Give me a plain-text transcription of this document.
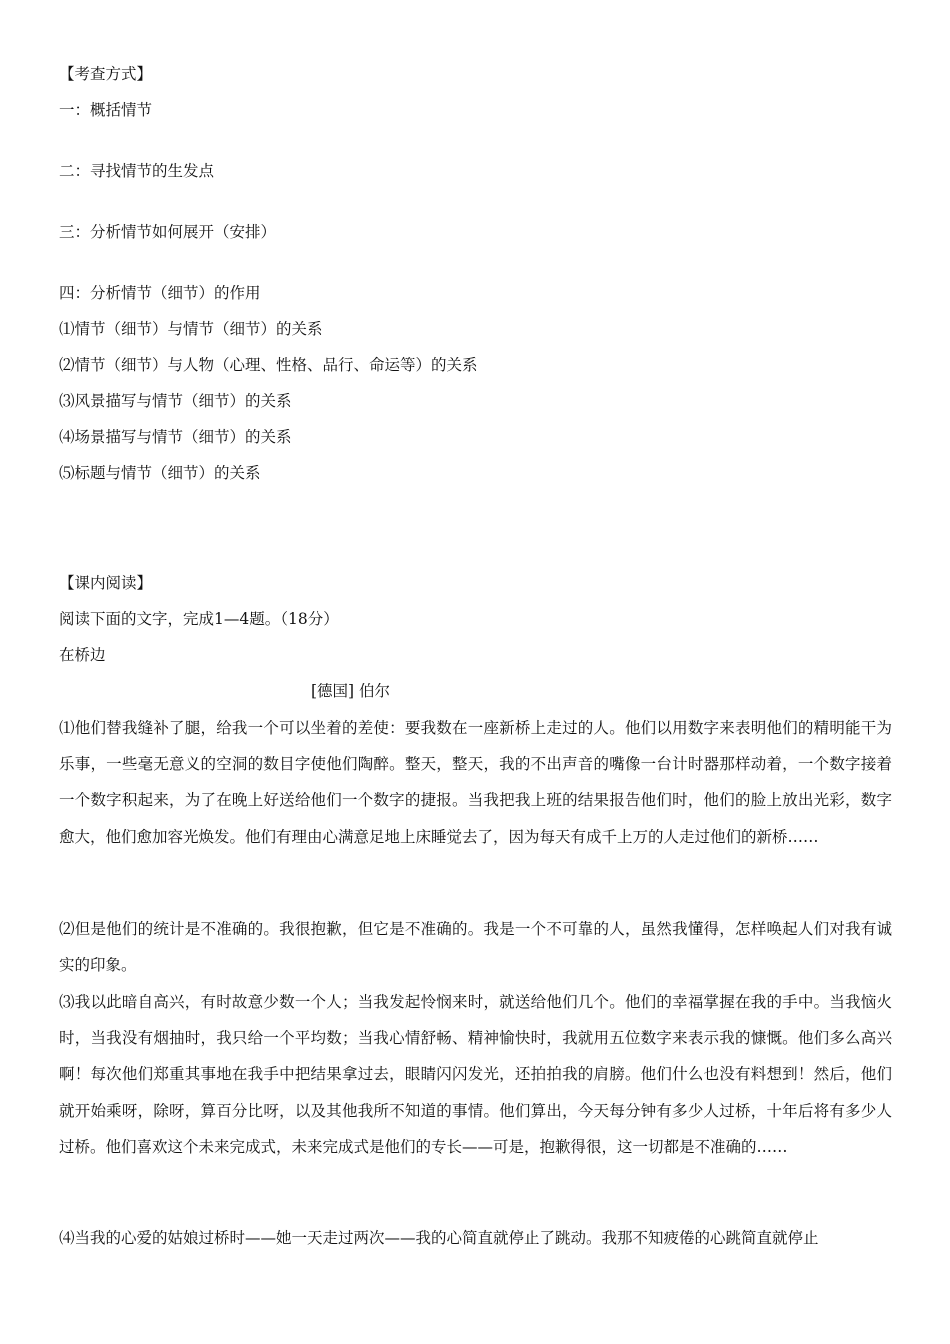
【考查方式】
一：概括情节
二：寻找情节的生发点
三：分析情节如何展开（安排）
四：分析情节（细节）的作用
⑴情节（细节）与情节（细节）的关系
⑵情节（细节）与人物（心理、性格、品行、命运等）的关系
⑶风景描写与情节（细节）的关系
⑷场景描写与情节（细节）的关系
⑸标题与情节（细节）的关系
【课内阅读】
阅读下面的文字，完成1—4题。（18分）
在桥边
[德国] 伯尔

⑴他们替我缝补了腿，给我一个可以坐着的差使：要我数在一座新桥上走过的人。他们以用数字来表明他们的精明能干为乐事，一些毫无意义的空洞的数目字使他们陶醉。整天，整天，我的不出声音的嘴像一台计时器那样动着，一个数字接着一个数字积起来，为了在晚上好送给他们一个数字的捷报。当我把我上班的结果报告他们时，他们的脸上放出光彩，数字愈大，他们愈加容光焕发。他们有理由心满意足地上床睡觉去了，因为每天有成千上万的人走过他们的新桥……

⑵但是他们的统计是不准确的。我很抱歉，但它是不准确的。我是一个不可靠的人，虽然我懂得，怎样唤起人们对我有诚实的印象。

⑶我以此暗自高兴，有时故意少数一个人；当我发起怜悯来时，就送给他们几个。他们的幸福掌握在我的手中。当我恼火时，当我没有烟抽时，我只给一个平均数；当我心情舒畅、精神愉快时，我就用五位数字来表示我的慷慨。他们多么高兴啊！每次他们郑重其事地在我手中把结果拿过去，眼睛闪闪发光，还拍拍我的肩膀。他们什么也没有料想到！然后，他们就开始乘呀，除呀，算百分比呀，以及其他我所不知道的事情。他们算出，今天每分钟有多少人过桥，十年后将有多少人过桥。他们喜欢这个未来完成式，未来完成式是他们的专长——可是，抱歉得很，这一切都是不准确的……

⑷当我的心爱的姑娘过桥时——她一天走过两次——我的心简直就停止了跳动。我那不知疲倦的心跳简直就停止
